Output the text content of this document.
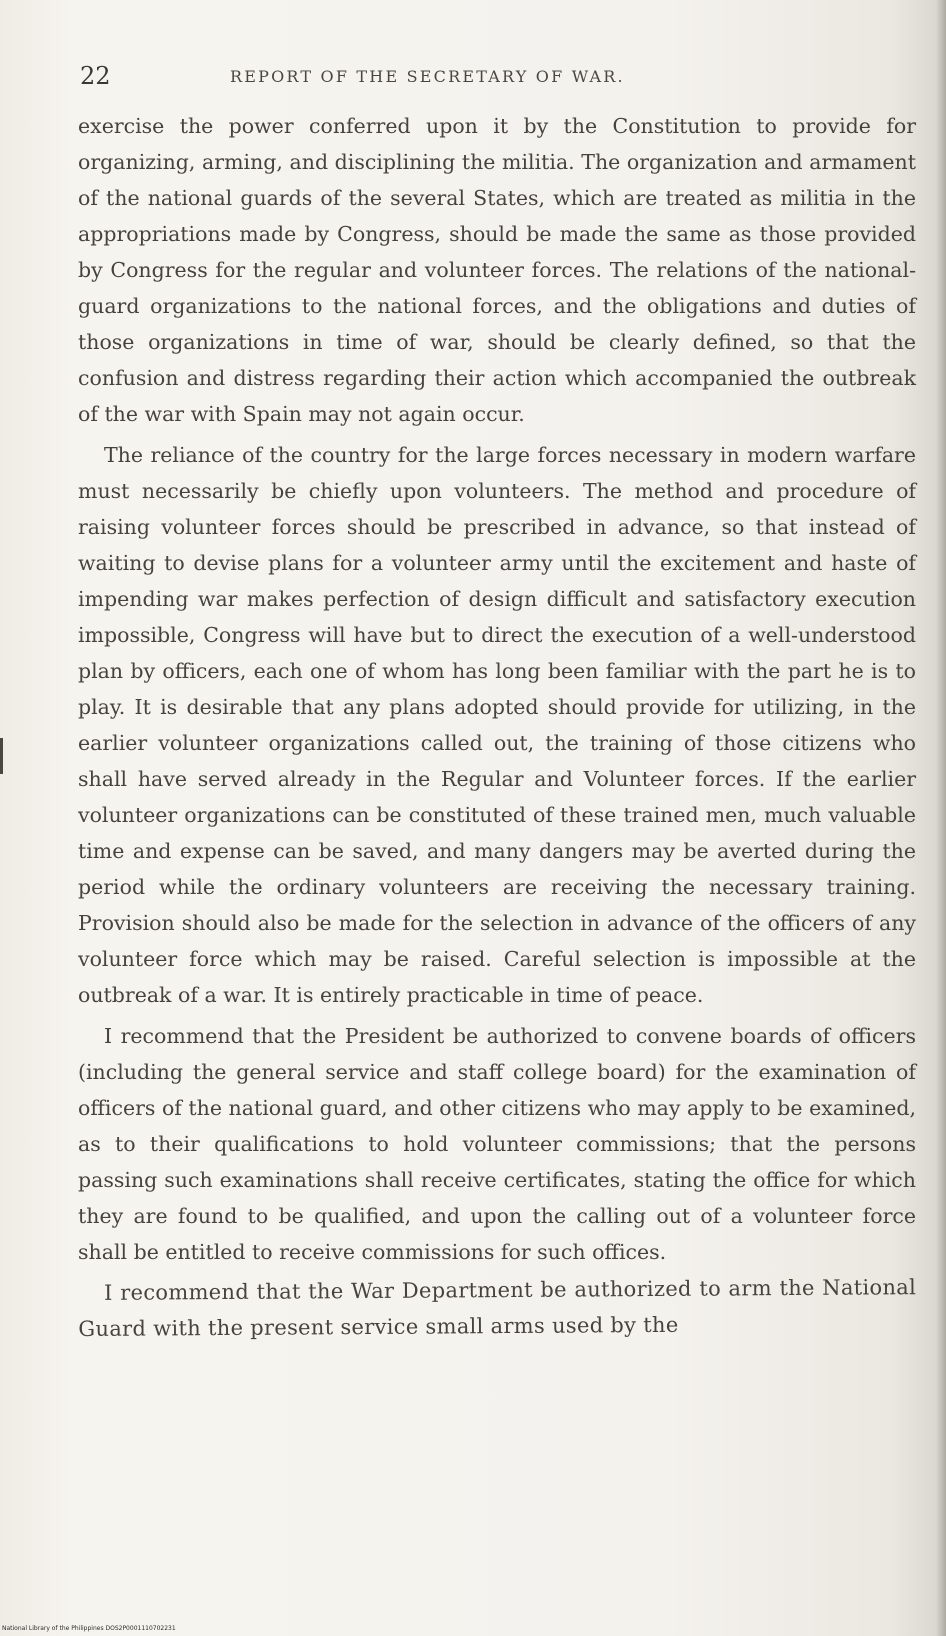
22	REPORT OF THE SECRETARY OF WAR.

exercise the power conferred upon it by the Constitution to provide for organizing, arming, and disciplining the militia. The organization and armament of the national guards of the several States, which are treated as militia in the appropriations made by Congress, should be made the same as those provided by Congress for the regular and volunteer forces. The relations of the national-guard organizations to the national forces, and the obligations and duties of those organizations in time of war, should be clearly defined, so that the confusion and distress regarding their action which accompanied the outbreak of the war with Spain may not again occur.

The reliance of the country for the large forces necessary in modern warfare must necessarily be chiefly upon volunteers. The method and procedure of raising volunteer forces should be prescribed in advance, so that instead of waiting to devise plans for a volunteer army until the excitement and haste of impending war makes perfection of design difficult and satisfactory execution impossible, Congress will have but to direct the execution of a well-understood plan by officers, each one of whom has long been familiar with the part he is to play. It is desirable that any plans adopted should provide for utilizing, in the earlier volunteer organizations called out, the training of those citizens who shall have served already in the Regular and Volunteer forces. If the earlier volunteer organizations can be constituted of these trained men, much valuable time and expense can be saved, and many dangers may be averted during the period while the ordinary volunteers are receiving the necessary training. Provision should also be made for the selection in advance of the officers of any volunteer force which may be raised. Careful selection is impossible at the outbreak of a war. It is entirely practicable in time of peace.

I recommend that the President be authorized to convene boards of officers (including the general service and staff college board) for the examination of officers of the national guard, and other citizens who may apply to be examined, as to their qualifications to hold volunteer commissions; that the persons passing such examinations shall receive certificates, stating the office for which they are found to be qualified, and upon the calling out of a volunteer force shall be entitled to receive commissions for such offices.

I recommend that the War Department be authorized to arm the National Guard with the present service small arms used by the

National Library of the Philippines DOS2P0001110702231
